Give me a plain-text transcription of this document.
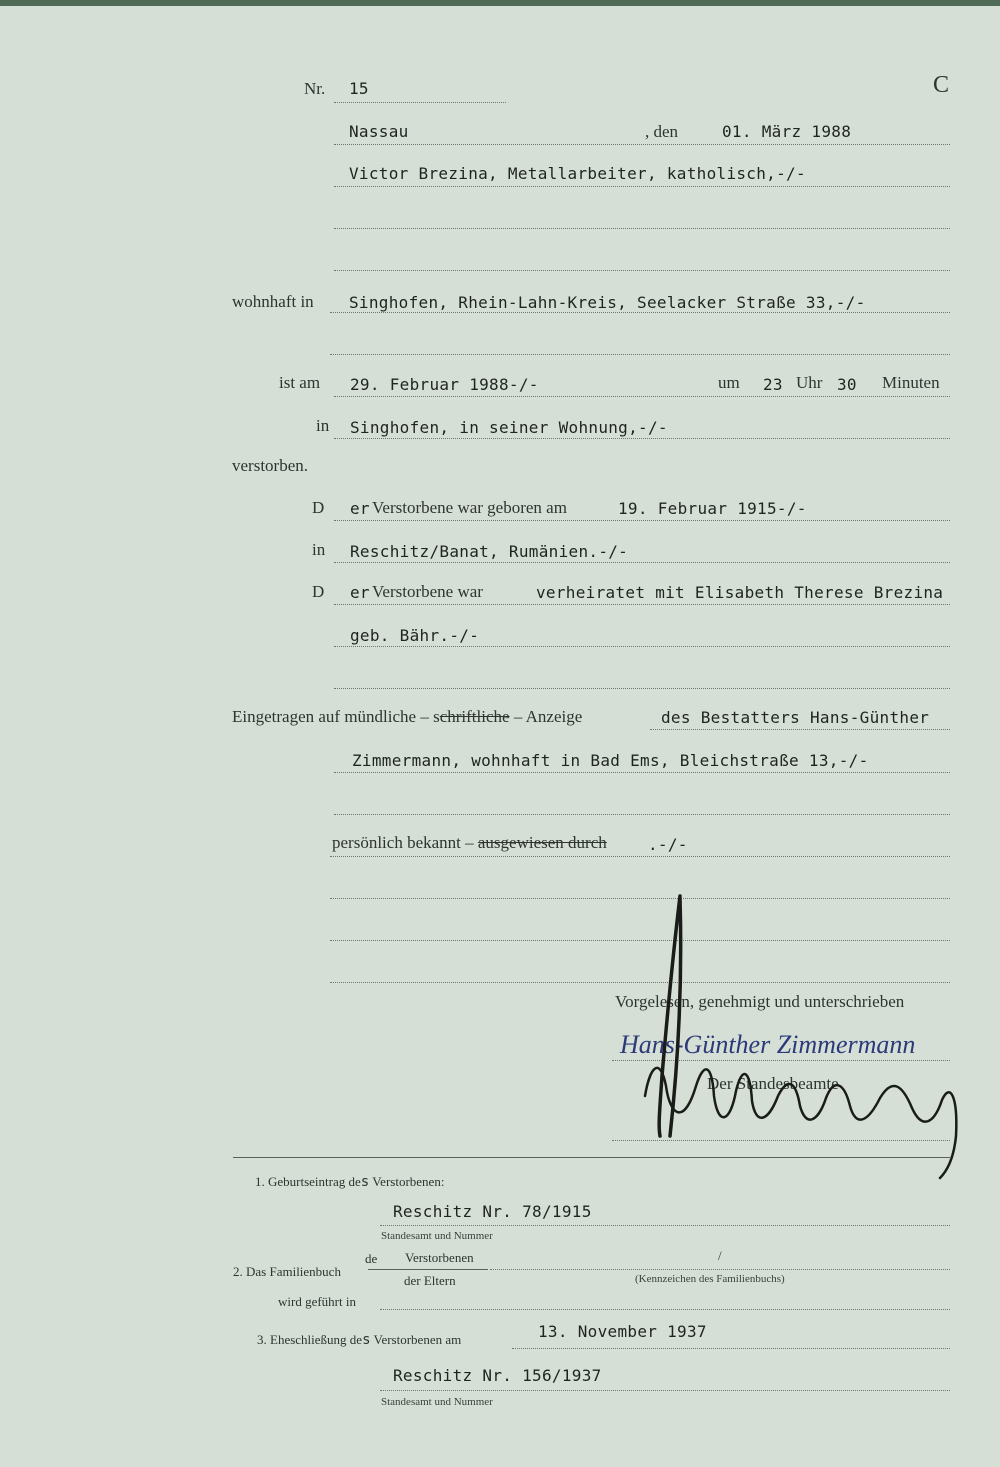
C
Nr. 15
Nassau	, den	01. März 1988
Victor Brezina, Metallarbeiter, katholisch,-/-
wohnhaft in Singhofen, Rhein-Lahn-Kreis, Seelacker Straße 33,-/-
ist am 29. Februar 1988-/-	um 23 Uhr 30 Minuten
in Singhofen, in seiner Wohnung,-/-
verstorben.
D er Verstorbene war geboren am	19. Februar 1915-/-
in Reschitz/Banat, Rumänien.-/-
D er Verstorbene war	verheiratet mit Elisabeth Therese Brezina
geb. Bähr.-/-
Eingetragen auf mündliche – schriftliche – Anzeige	des Bestatters Hans-Günther
Zimmermann, wohnhaft in Bad Ems, Bleichstraße 13,-/-
persönlich bekannt – ausgewiesen durch	.-/-
Vorgelesen, genehmigt und unterschrieben
Hans-Günther Zimmermann
Der Standesbeamte
1. Geburtseintrag des Verstorbenen:
Reschitz Nr. 78/1915
Standesamt und Nummer
2. Das Familienbuch
de Verstorbenen
der Eltern
/
(Kennzeichen des Familienbuchs)
wird geführt in
3. Eheschließung des Verstorbenen am	13. November 1937
Reschitz Nr. 156/1937
Standesamt und Nummer
